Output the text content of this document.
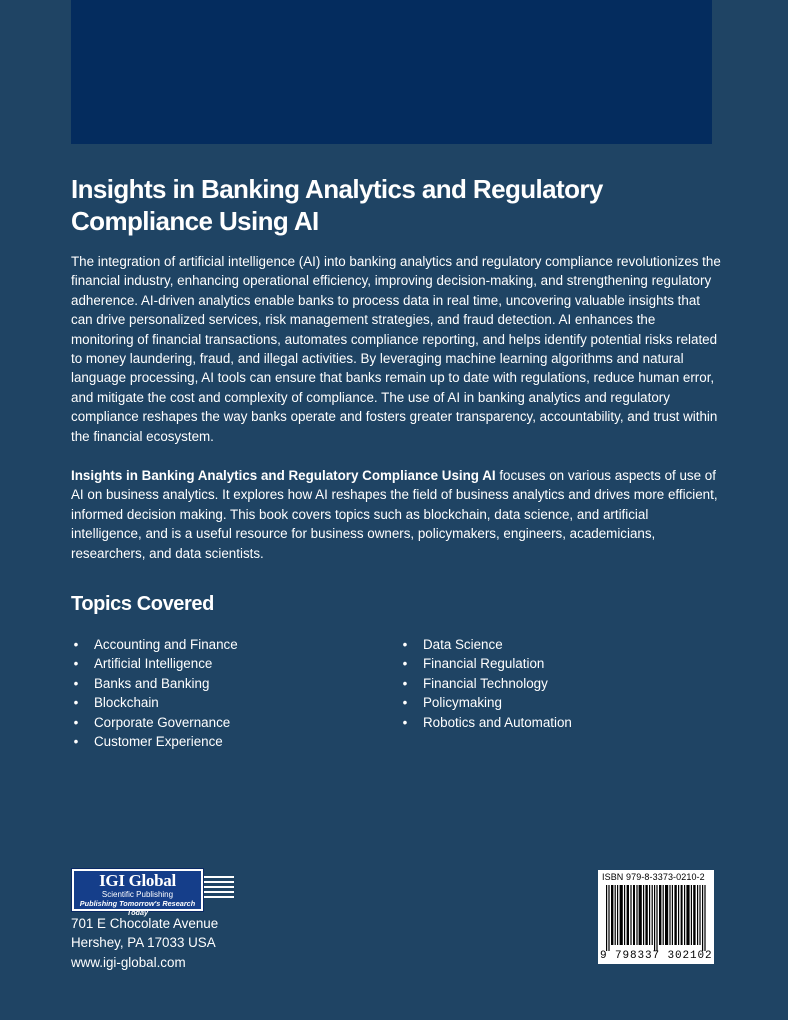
Insights in Banking Analytics and Regulatory Compliance Using AI

The integration of artificial intelligence (AI) into banking analytics and regulatory compliance revolutionizes the financial industry, enhancing operational efficiency, improving decision-making, and strengthening regulatory adherence. AI-driven analytics enable banks to process data in real time, uncovering valuable insights that can drive personalized services, risk management strategies, and fraud detection. AI enhances the monitoring of financial transactions, automates compliance reporting, and helps identify potential risks related to money laundering, fraud, and illegal activities. By leveraging machine learning algorithms and natural language processing, AI tools can ensure that banks remain up to date with regulations, reduce human error, and mitigate the cost and complexity of compliance. The use of AI in banking analytics and regulatory compliance reshapes the way banks operate and fosters greater transparency, accountability, and trust within the financial ecosystem.

Insights in Banking Analytics and Regulatory Compliance Using AI focuses on various aspects of use of AI on business analytics. It explores how AI reshapes the field of business analytics and drives more efficient, informed decision making. This book covers topics such as blockchain, data science, and artificial intelligence, and is a useful resource for business owners, policymakers, engineers, academicians, researchers, and data scientists.

Topics Covered
• Accounting and Finance
• Artificial Intelligence
• Banks and Banking
• Blockchain
• Corporate Governance
• Customer Experience
• Data Science
• Financial Regulation
• Financial Technology
• Policymaking
• Robotics and Automation
IGI Global
Scientific Publishing
Publishing Tomorrow's Research Today
701 E Chocolate Avenue
Hershey, PA 17033 USA
www.igi-global.com
ISBN 979-8-3373-0210-2
9 798337 302102
